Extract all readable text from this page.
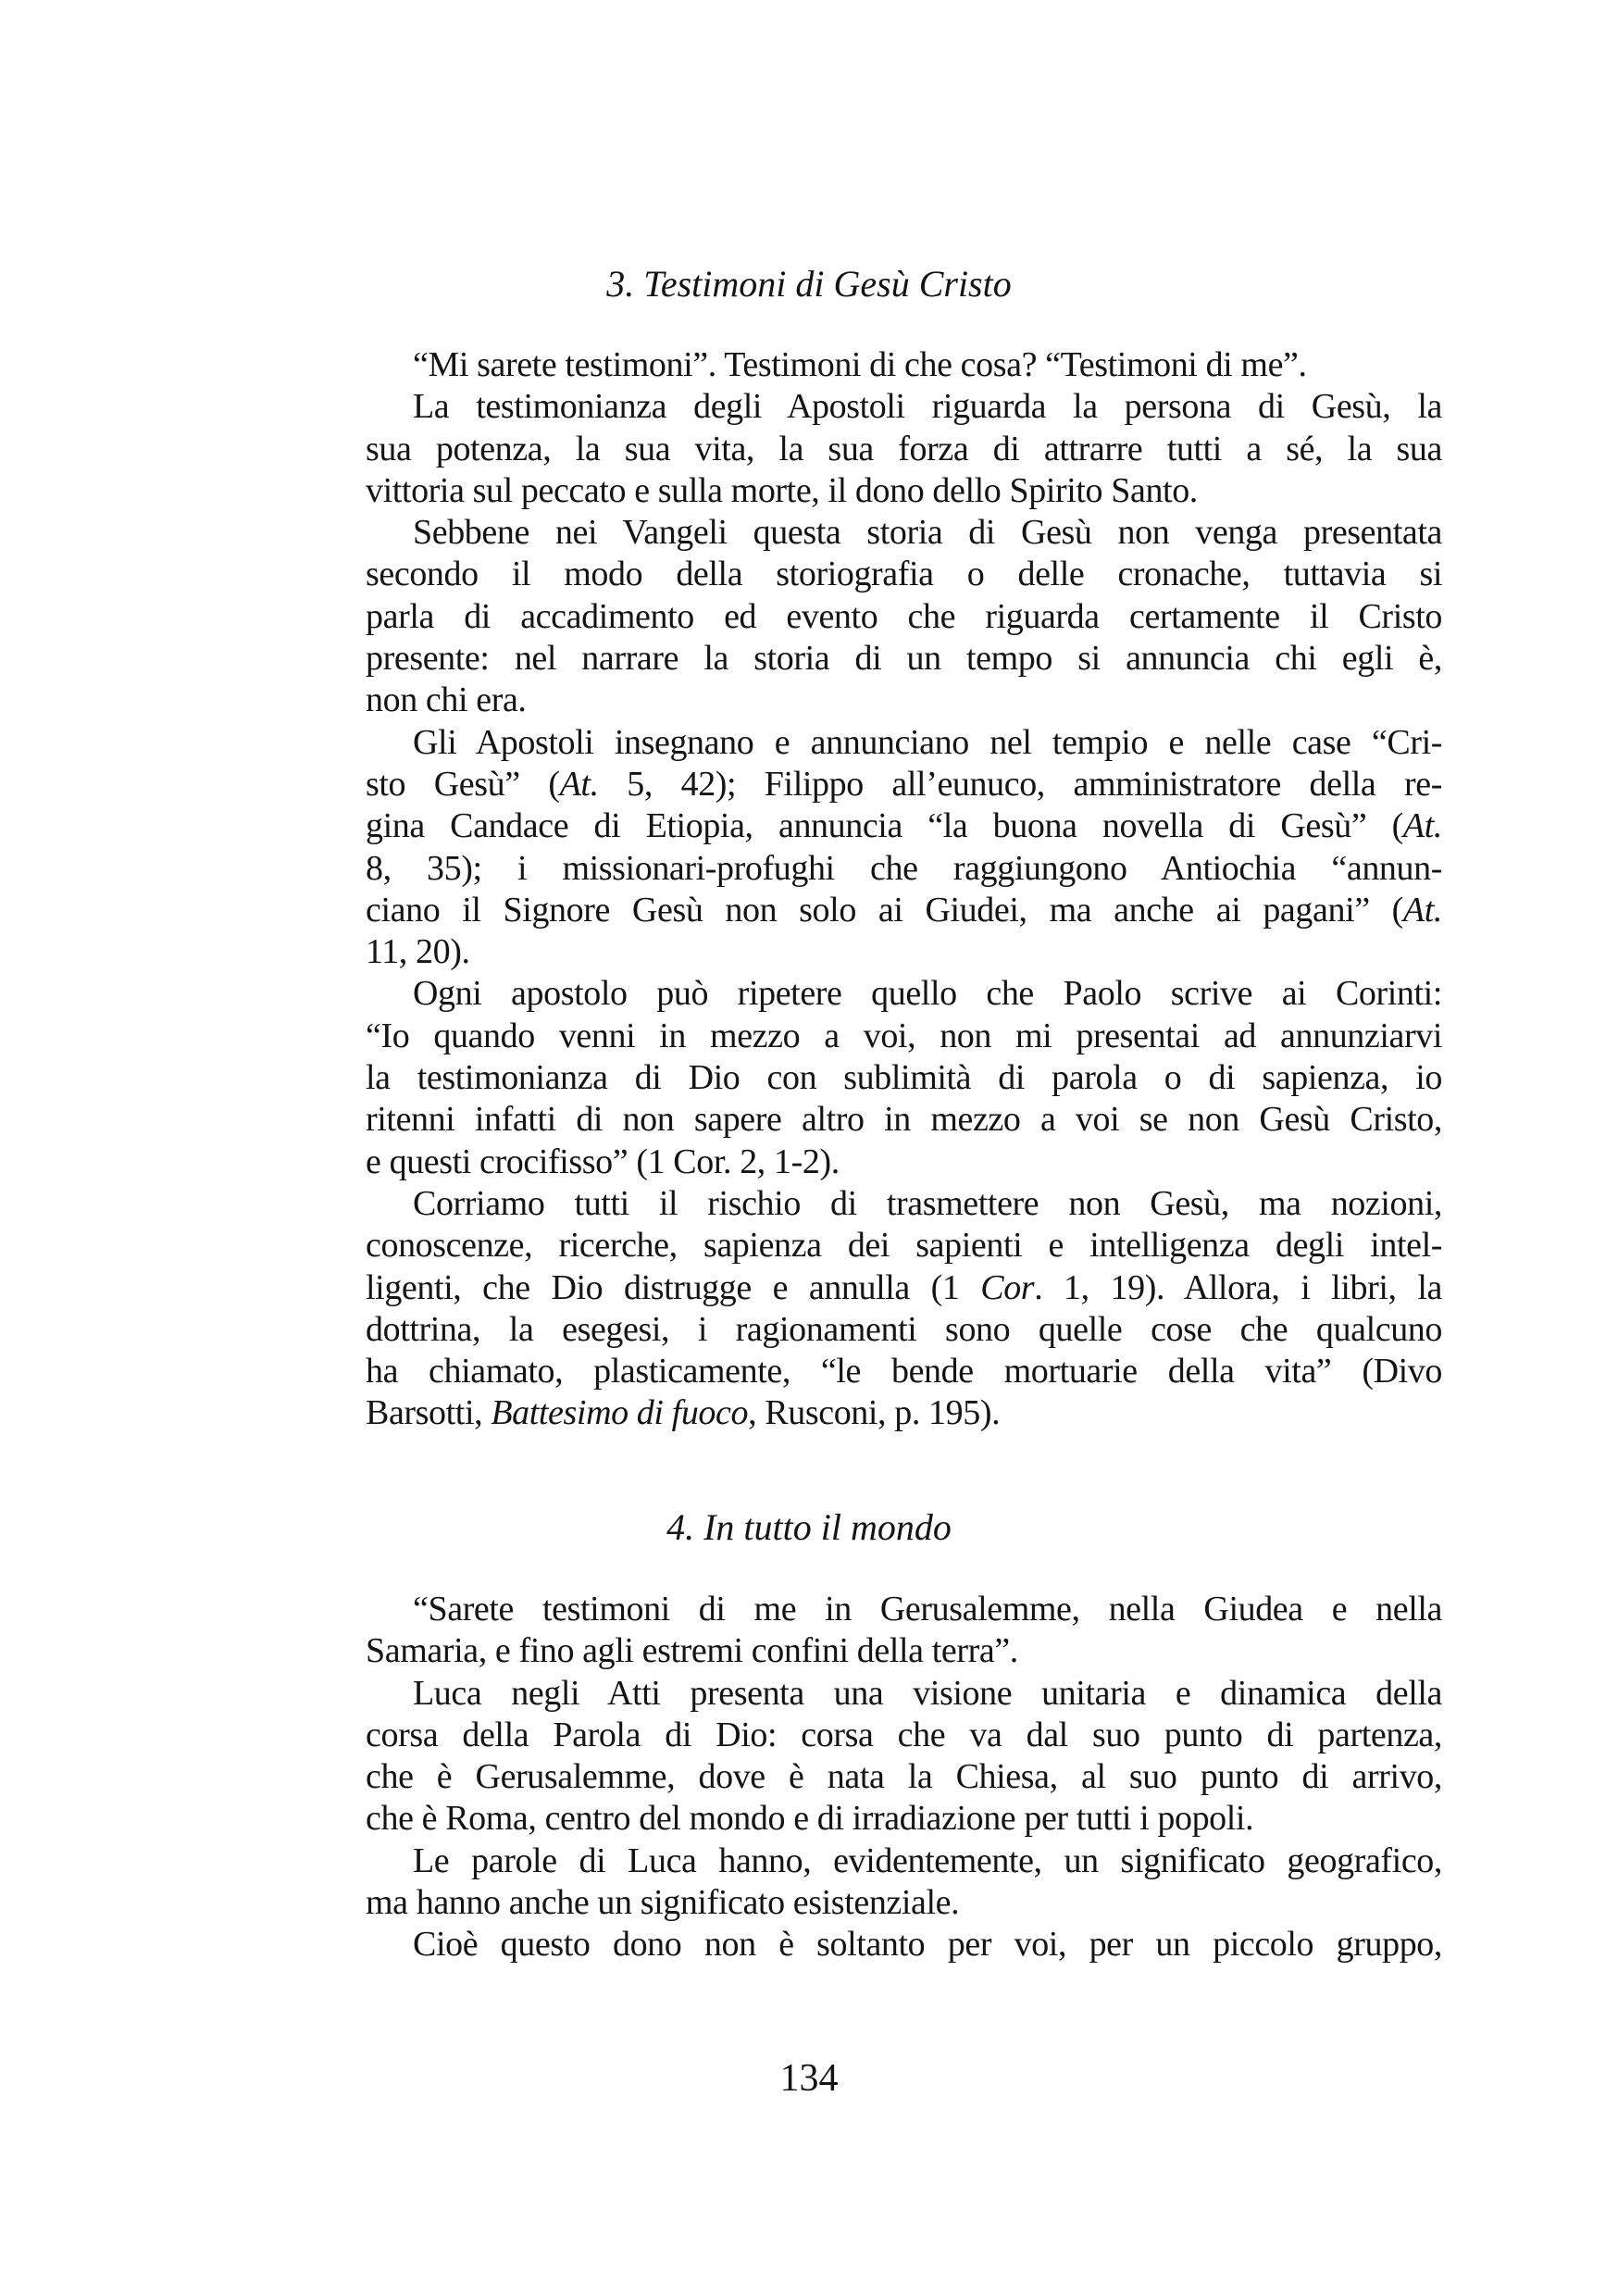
3. Testimoni di Gesù Cristo
“Mi sarete testimoni”. Testimoni di che cosa? “Testimoni di me”.
La testimonianza degli Apostoli riguarda la persona di Gesù, la
sua potenza, la sua vita, la sua forza di attrarre tutti a sé, la sua
vittoria sul peccato e sulla morte, il dono dello Spirito Santo.
Sebbene nei Vangeli questa storia di Gesù non venga presentata
secondo il modo della storiografia o delle cronache, tuttavia si
parla di accadimento ed evento che riguarda certamente il Cristo
presente: nel narrare la storia di un tempo si annuncia chi egli è,
non chi era.
Gli Apostoli insegnano e annunciano nel tempio e nelle case “Cri-
sto Gesù” (At. 5, 42); Filippo all’eunuco, amministratore della re-
gina Candace di Etiopia, annuncia “la buona novella di Gesù” (At.
8, 35); i missionari-profughi che raggiungono Antiochia “annun-
ciano il Signore Gesù non solo ai Giudei, ma anche ai pagani” (At.
11, 20).
Ogni apostolo può ripetere quello che Paolo scrive ai Corinti:
“Io quando venni in mezzo a voi, non mi presentai ad annunziarvi
la testimonianza di Dio con sublimità di parola o di sapienza, io
ritenni infatti di non sapere altro in mezzo a voi se non Gesù Cristo,
e questi crocifisso” (1 Cor. 2, 1-2).
Corriamo tutti il rischio di trasmettere non Gesù, ma nozioni,
conoscenze, ricerche, sapienza dei sapienti e intelligenza degli intel-
ligenti, che Dio distrugge e annulla (1 Cor. 1, 19). Allora, i libri, la
dottrina, la esegesi, i ragionamenti sono quelle cose che qualcuno
ha chiamato, plasticamente, “le bende mortuarie della vita” (Divo
Barsotti, Battesimo di fuoco, Rusconi, p. 195).
4. In tutto il mondo
“Sarete testimoni di me in Gerusalemme, nella Giudea e nella
Samaria, e fino agli estremi confini della terra”.
Luca negli Atti presenta una visione unitaria e dinamica della
corsa della Parola di Dio: corsa che va dal suo punto di partenza,
che è Gerusalemme, dove è nata la Chiesa, al suo punto di arrivo,
che è Roma, centro del mondo e di irradiazione per tutti i popoli.
Le parole di Luca hanno, evidentemente, un significato geografico,
ma hanno anche un significato esistenziale.
Cioè questo dono non è soltanto per voi, per un piccolo gruppo,
134
